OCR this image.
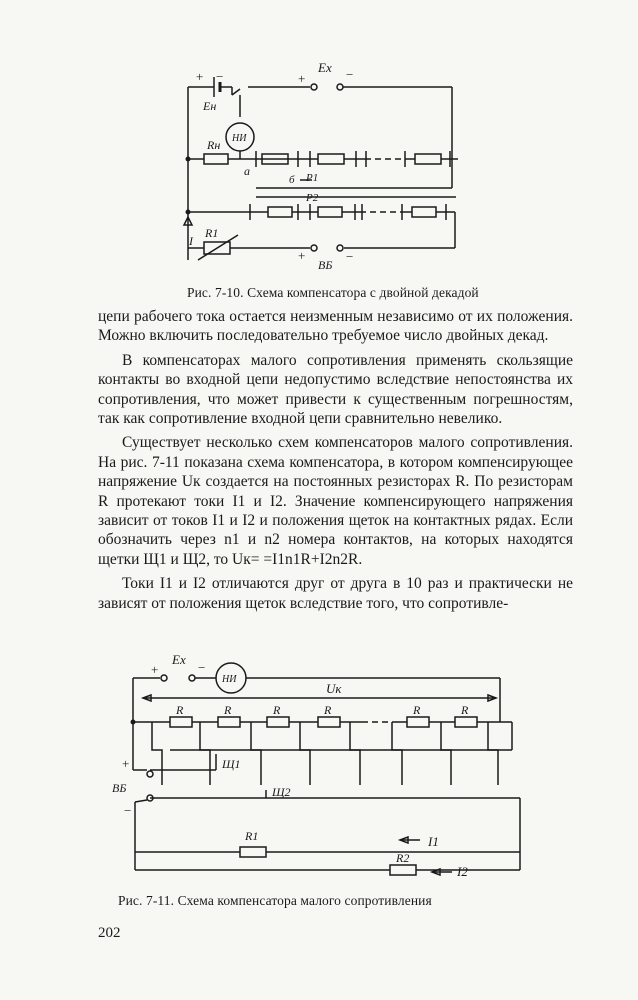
+ −
Eн
+
Ex −
НИ
Rн
a
б P1
P2
I
R1
+
ВБ
−

Рис. 7-10. Схема компенсатора с двойной декадой

цепи рабочего тока остается неизменным независимо от их положения. Можно включить последовательно требуемое число двойных декад.

В компенсаторах малого сопротивления применять скользящие контакты во входной цепи недопустимо вследствие непостоянства их сопротивления, что может привести к существенным погрешностям, так как сопротивление входной цепи сравнительно невелико.

Существует несколько схем компенсаторов малого сопротивления. На рис. 7-11 показана схема компенсатора, в котором компенсирующее напряжение Uк создается на постоянных резисторах R. По резисторам R протекают токи I1 и I2. Значение компенсирующего напряжения зависит от токов I1 и I2 и положения щеток на контактных рядах. Если обозначить через n1 и n2 номера контактов, на которых находятся щетки Щ1 и Щ2, то Uк= =I1n1R+I2n2R.

Токи I1 и I2 отличаются друг от друга в 10 раз и практически не зависят от положения щеток вследствие того, что сопротивле-

+
Ex
−
НИ
Uк
R	R	R	R	R	R
Щ1
Щ2
+
ВБ
−
R1	I1
R2
I2

Рис. 7-11. Схема компенсатора малого сопротивления

202
